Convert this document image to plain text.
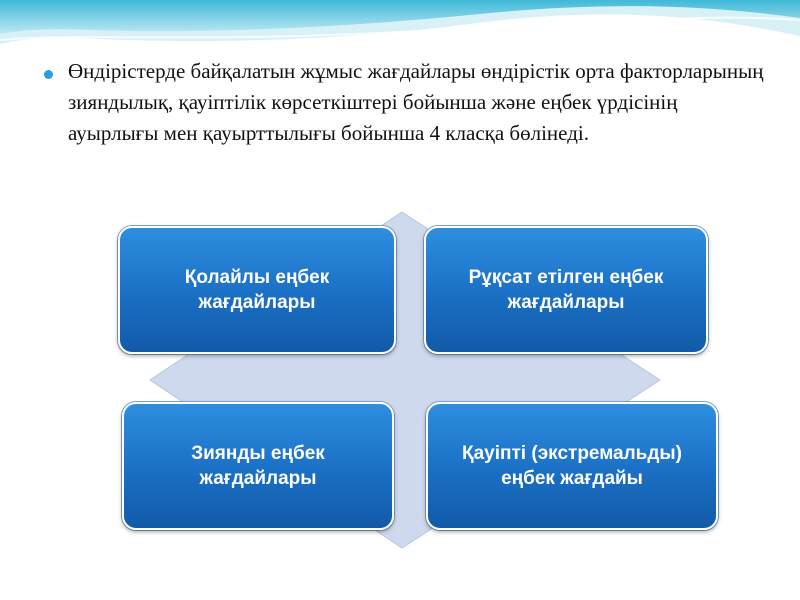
Өндірістерде байқалатын жұмыс жағдайлары өндірістік орта факторларының зияндылық, қауіптілік көрсеткіштері бойынша және еңбек үрдісінің ауырлығы мен қауырттылығы бойынша 4 класқа бөлінеді.
Қолайлы еңбек жағдайлары
Рұқсат етілген еңбек жағдайлары
Зиянды еңбек жағдайлары
Қауіпті (экстремальды) еңбек жағдайы
